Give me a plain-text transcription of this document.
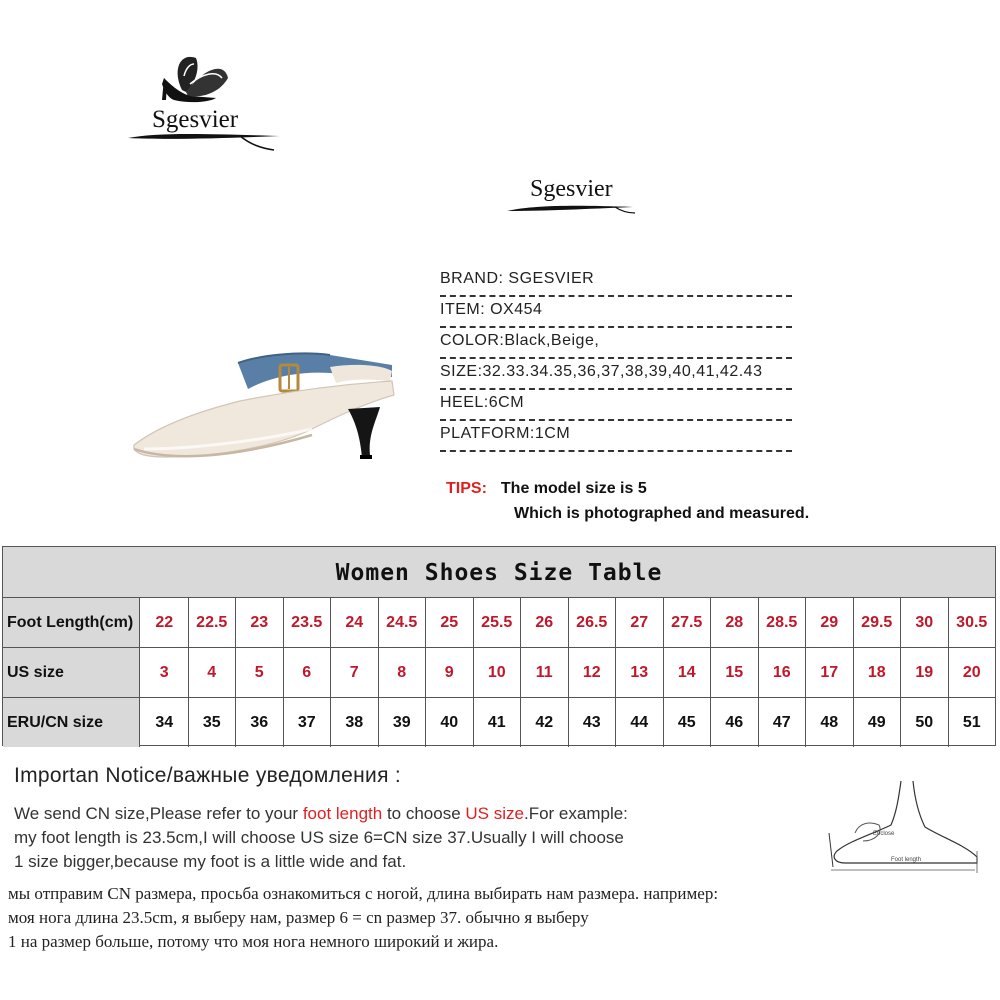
Sgesvier
Sgesvier
BRAND: SGESVIER
ITEM: OX454
COLOR:Black,Beige,
SIZE:32.33.34.35,36,37,38,39,40,41,42.43
HEEL:6CM
PLATFORM:1CM
TIPS: The model size is 5
Which is photographed and measured.
Women Shoes Size Table
Foot Length(cm)	22	22.5	23	23.5	24	24.5	25	25.5	26	26.5	27	27.5	28	28.5	29	29.5	30	30.5
US size	3	4	5	6	7	8	9	10	11	12	13	14	15	16	17	18	19	20
ERU/CN size	34	35	36	37	38	39	40	41	42	43	44	45	46	47	48	49	50	51
Importan Notice/важные уведомления :
We send CN size,Please refer to your foot length to choose US size.For example:
my foot length is 23.5cm,I will choose US size 6=CN size 37.Usually I will choose
1 size bigger,because my foot is a little wide and fat.
мы отправим CN размера, просьба ознакомиться с ногой, длина выбирать нам размера. например:
моя нога длина 23.5cm, я выберу нам, размер 6 = cn размер 37. обычно я выберу
1 на размер больше, потому что моя нога немного широкий и жира.
Enclose
Foot length
